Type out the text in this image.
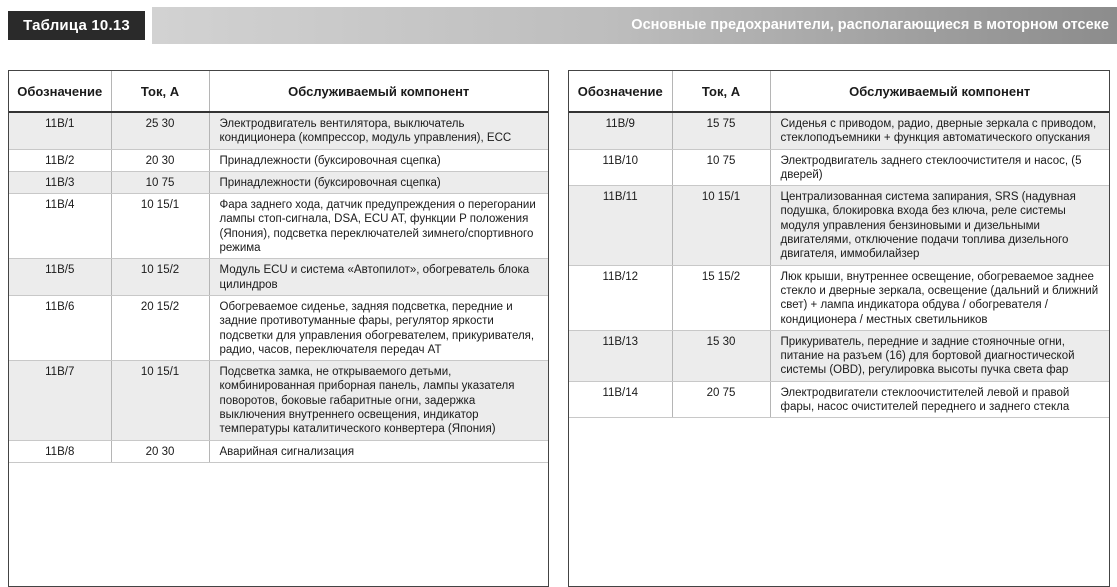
Таблица 10.13	Основные предохранители, располагающиеся в моторном отсеке
Обозначение	Ток, А	Обслуживаемый компонент
11B/1	25 30	Электродвигатель вентилятора, выключатель кондиционера (компрессор, модуль управления), ECC
11B/2	20 30	Принадлежности (буксировочная сцепка)
11B/3	10 75	Принадлежности (буксировочная сцепка)
11B/4	10 15/1	Фара заднего хода, датчик предупреждения о перегорании лампы стоп-сигнала, DSA, ECU AT, функции P положения (Япония), подсветка переключателей зимнего/спортивного режима
11B/5	10 15/2	Модуль ECU и система «Автопилот», обогреватель блока цилиндров
11B/6	20 15/2	Обогреваемое сиденье, задняя подсветка, передние и задние противотуманные фары, регулятор яркости подсветки для управления обогревателем, прикуривателя, радио, часов, переключателя передач AT
11B/7	10 15/1	Подсветка замка, не открываемого детьми, комбинированная приборная панель, лампы указателя поворотов, боковые габаритные огни, задержка выключения внутреннего освещения, индикатор температуры каталитического конвертера (Япония)
11B/8	20 30	Аварийная сигнализация
Обозначение	Ток, А	Обслуживаемый компонент
11B/9	15 75	Сиденья с приводом, радио, дверные зеркала с приводом, стеклоподъемники + функция автоматического опускания
11B/10	10 75	Электродвигатель заднего стеклоочистителя и насос, (5 дверей)
11B/11	10 15/1	Централизованная система запирания, SRS (надувная подушка, блокировка входа без ключа, реле системы модуля управления бензиновыми и дизельными двигателями, отключение подачи топлива дизельного двигателя, иммобилайзер
11B/12	15 15/2	Люк крыши, внутреннее освещение, обогреваемое заднее стекло и дверные зеркала, освещение (дальний и ближний свет) + лампа индикатора обдува / обогревателя / кондиционера / местных светильников
11B/13	15 30	Прикуриватель, передние и задние стояночные огни, питание на разъем (16) для бортовой диагностической системы (OBD), регулировка высоты пучка света фар
11B/14	20 75	Электродвигатели стеклоочистителей левой и правой фары, насос очистителей переднего и заднего стекла
